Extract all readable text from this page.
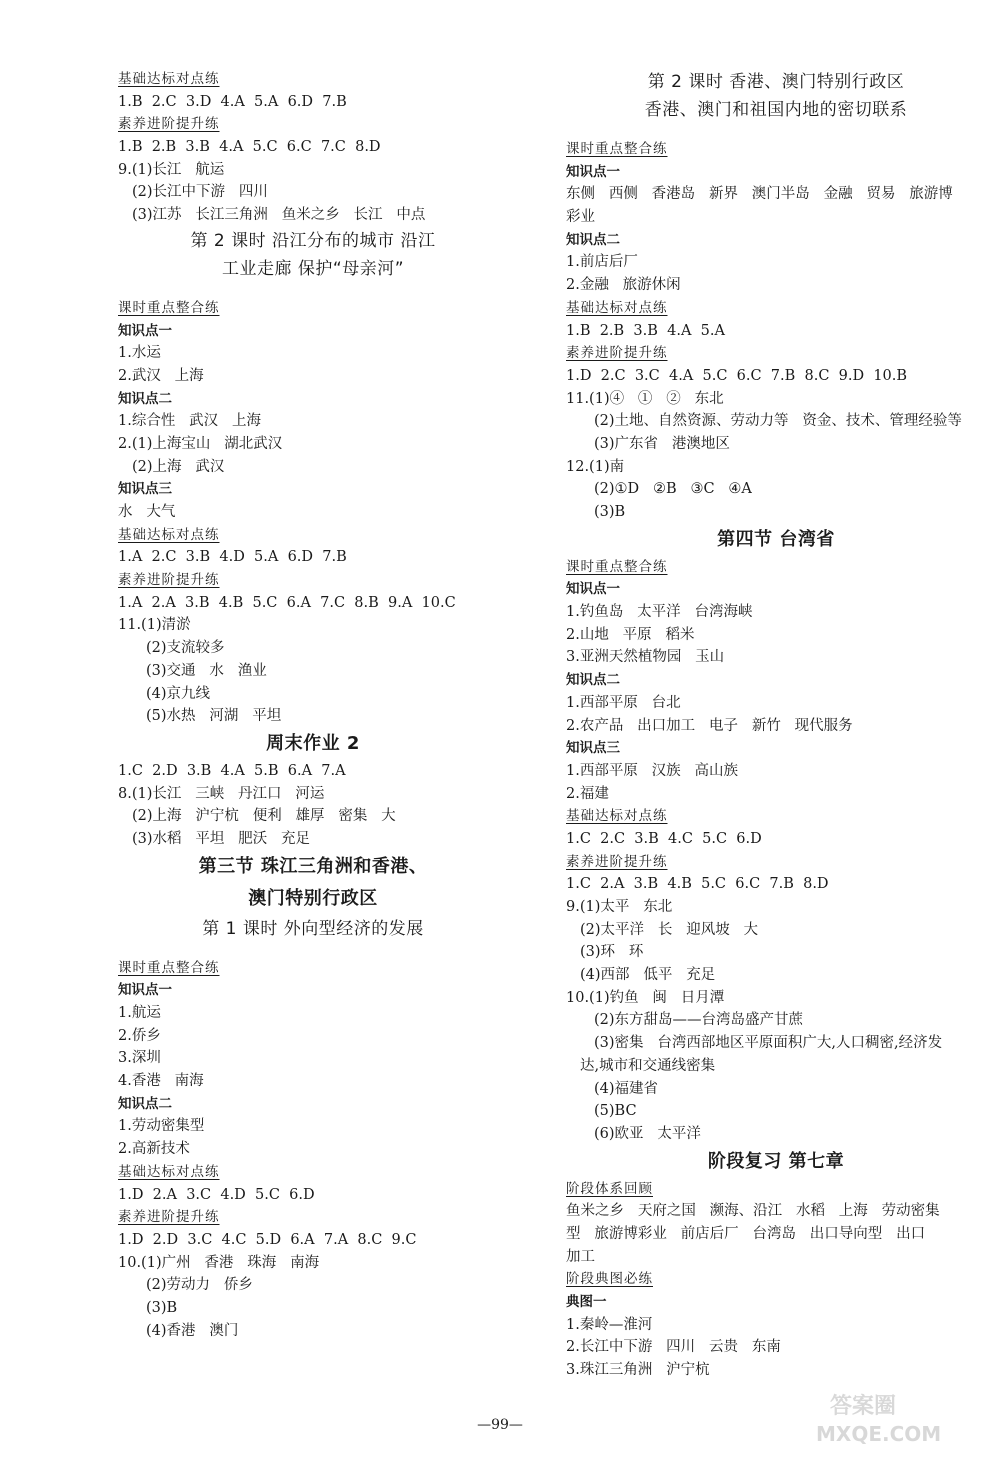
基础达标对点练
1.B  2.C  3.D  4.A  5.A  6.D  7.B
素养进阶提升练
1.B  2.B  3.B  4.A  5.C  6.C  7.C  8.D
9.(1)长江   航运
(2)长江中下游   四川
(3)江苏   长江三角洲   鱼米之乡   长江   中点
第 2 课时 沿江分布的城市 沿江
工业走廊 保护“母亲河”
课时重点整合练
知识点一
1.水运
2.武汉   上海
知识点二
1.综合性   武汉   上海
2.(1)上海宝山   湖北武汉
(2)上海   武汉
知识点三
水   大气
基础达标对点练
1.A  2.C  3.B  4.D  5.A  6.D  7.B
素养进阶提升练
1.A  2.A  3.B  4.B  5.C  6.A  7.C  8.B  9.A  10.C
11.(1)清淤
(2)支流较多
(3)交通   水   渔业
(4)京九线
(5)水热   河湖   平坦
周末作业 2
1.C  2.D  3.B  4.A  5.B  6.A  7.A
8.(1)长江   三峡   丹江口   河运
(2)上海   沪宁杭   便利   雄厚   密集   大
(3)水稻   平坦   肥沃   充足
第三节 珠江三角洲和香港、
澳门特别行政区
第 1 课时 外向型经济的发展
课时重点整合练
知识点一
1.航运
2.侨乡
3.深圳
4.香港   南海
知识点二
1.劳动密集型
2.高新技术
基础达标对点练
1.D  2.A  3.C  4.D  5.C  6.D
素养进阶提升练
1.D  2.D  3.C  4.C  5.D  6.A  7.A  8.C  9.C
10.(1)广州   香港   珠海   南海
(2)劳动力   侨乡
(3)B
(4)香港   澳门
第 2 课时 香港、澳门特别行政区
香港、澳门和祖国内地的密切联系
课时重点整合练
知识点一
东侧   西侧   香港岛   新界   澳门半岛   金融   贸易   旅游博
彩业
知识点二
1.前店后厂
2.金融   旅游休闲
基础达标对点练
1.B  2.B  3.B  4.A  5.A
素养进阶提升练
1.D  2.C  3.C  4.A  5.C  6.C  7.B  8.C  9.D  10.B
11.(1)④   ①   ②   东北
(2)土地、自然资源、劳动力等   资金、技术、管理经验等
(3)广东省   港澳地区
12.(1)南
(2)①D   ②B   ③C   ④A
(3)B
第四节 台湾省
课时重点整合练
知识点一
1.钓鱼岛   太平洋   台湾海峡
2.山地   平原   稻米
3.亚洲天然植物园   玉山
知识点二
1.西部平原   台北
2.农产品   出口加工   电子   新竹   现代服务
知识点三
1.西部平原   汉族   高山族
2.福建
基础达标对点练
1.C  2.C  3.B  4.C  5.C  6.D
素养进阶提升练
1.C  2.A  3.B  4.B  5.C  6.C  7.B  8.D
9.(1)太平   东北
(2)太平洋   长   迎风坡   大
(3)环   环
(4)西部   低平   充足
10.(1)钓鱼   闽   日月潭
(2)东方甜岛——台湾岛盛产甘蔗
(3)密集   台湾西部地区平原面积广大,人口稠密,经济发
达,城市和交通线密集
(4)福建省
(5)BC
(6)欧亚   太平洋
阶段复习 第七章
阶段体系回顾
鱼米之乡   天府之国   濒海、沿江   水稻   上海   劳动密集
型   旅游博彩业   前店后厂   台湾岛   出口导向型   出口
加工
阶段典图必练
典图一
1.秦岭—淮河
2.长江中下游   四川   云贵   东南
3.珠江三角洲   沪宁杭
—99—
答案圈
MXQE.COM
